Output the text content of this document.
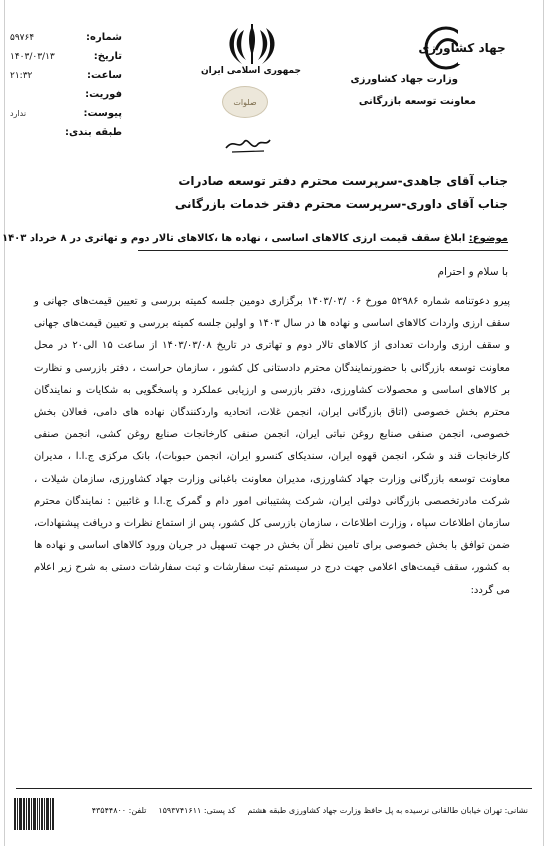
شماره:
۵۹۷۶۴
تاریخ:
۱۴۰۳/۰۳/۱۳
ساعت:
۲۱:۳۲
فوریت:
پیوست:
ندارد
طبقه بندی:
جمهوری اسلامی ایران
صلوات
جهاد کشاورزی
وزارت جهاد کشاورزی
معاونت توسعه بازرگانی
جناب آقای جاهدی-سرپرست محترم دفتر توسعه صادرات
جناب آقای داوری-سرپرست محترم دفتر خدمات بازرگانی
موضوع: ابلاغ سقف قیمت ارزی کالاهای اساسی ، نهاده ها ،کالاهای تالار دوم و تهاتری در ۸ خرداد ۱۴۰۳
با سلام و احترام
پیرو دعوتنامه شماره ۵۲۹۸۶ مورخ ۰۶ /۱۴۰۳/۰۳ برگزاری دومین جلسه کمیته بررسی و تعیین قیمت‌های جهانی و سقف ارزی واردات کالاهای اساسی و نهاده ها در سال ۱۴۰۳ و اولین جلسه کمیته بررسی و تعیین قیمت‌های جهانی و سقف ارزی واردات تعدادی از کالاهای تالار دوم و تهاتری در تاریخ ۱۴۰۳/۰۳/۰۸ از ساعت ۱۵ الی۲۰ در محل معاونت توسعه بازرگانی با حضورنمایندگان محترم دادستانی کل کشور ، سازمان حراست ، دفتر بازرسی و نظارت بر کالاهای اساسی و محصولات کشاورزی، دفتر بازرسی و ارزیابی عملکرد و پاسخگویی به شکایات و نمایندگان محترم بخش خصوصی (اتاق بازرگانی ایران، انجمن غلات، اتحادیه واردکنندگان نهاده های دامی، فعالان بخش خصوصی، انجمن صنفی صنایع روغن نباتی ایران، انجمن صنفی کارخانجات صنایع روغن کشی، انجمن صنفی کارخانجات قند و شکر، انجمن قهوه ایران، سندیکای کنسرو ایران، انجمن حبوبات)، بانک مرکزی ج.ا.ا ، مدیران معاونت توسعه بازرگانی وزارت جهاد کشاورزی، مدیران معاونت باغبانی وزارت جهاد کشاورزی، سازمان شیلات ، شرکت مادرتخصصی بازرگانی دولتی ایران، شرکت پشتیبانی امور دام و گمرک ج.ا.ا و غائبین : نمایندگان محترم سازمان اطلاعات سپاه ، وزارت اطلاعات ، سازمان بازرسی کل کشور، پس از استماع نظرات و دریافت پیشنهادات، ضمن توافق با بخش خصوصی برای تامین نظر آن بخش در جهت تسهیل در جریان ورود کالاهای اساسی و نهاده ها به کشور، سقف قیمت‌های اعلامی جهت درج در سیستم ثبت سفارشات و ثبت سفارشات دستی به شرح زیر اعلام می گردد:
نشانی: تهران خیابان طالقانی نرسیده به پل حافظ وزارت جهاد کشاورزی طبقه هشتم
کد پستی: ۱۵۹۳۷۴۱۶۱۱
تلفن: ۴۳۵۴۴۸۰۰
